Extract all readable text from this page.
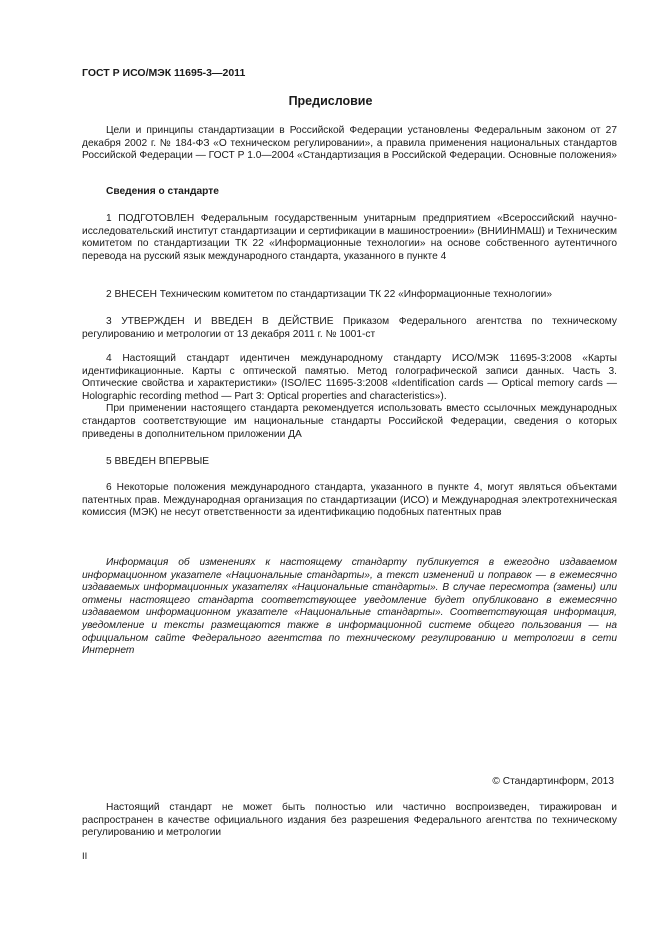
ГОСТ Р ИСО/МЭК 11695-3—2011
Предисловие

Цели и принципы стандартизации в Российской Федерации установлены Федеральным законом от 27 декабря 2002 г. № 184-ФЗ «О техническом регулировании», а правила применения национальных стандартов Российской Федерации — ГОСТ Р 1.0—2004 «Стандартизация в Российской Федерации. Основные положения»

Сведения о стандарте

1 ПОДГОТОВЛЕН Федеральным государственным унитарным предприятием «Всероссийский научно-исследовательский институт стандартизации и сертификации в машиностроении» (ВНИИНМАШ) и Техническим комитетом по стандартизации ТК 22 «Информационные технологии» на основе собственного аутентичного перевода на русский язык международного стандарта, указанного в пункте 4

2 ВНЕСЕН Техническим комитетом по стандартизации ТК 22 «Информационные технологии»

3 УТВЕРЖДЕН И ВВЕДЕН В ДЕЙСТВИЕ Приказом Федерального агентства по техническому регулированию и метрологии от 13 декабря 2011 г. № 1001-ст

4 Настоящий стандарт идентичен международному стандарту ИСО/МЭК 11695-3:2008 «Карты идентификационные. Карты с оптической памятью. Метод голографической записи данных. Часть 3. Оптические свойства и характеристики» (ISO/IEC 11695-3:2008 «Identification cards — Optical memory cards — Holographic recording method — Part 3: Optical properties and characteristics»).

При применении настоящего стандарта рекомендуется использовать вместо ссылочных международных стандартов соответствующие им национальные стандарты Российской Федерации, сведения о которых приведены в дополнительном приложении ДА

5 ВВЕДЕН ВПЕРВЫЕ

6 Некоторые положения международного стандарта, указанного в пункте 4, могут являться объектами патентных прав. Международная организация по стандартизации (ИСО) и Международная электротехническая комиссия (МЭК) не несут ответственности за идентификацию подобных патентных прав

Информация об изменениях к настоящему стандарту публикуется в ежегодно издаваемом информационном указателе «Национальные стандарты», а текст изменений и поправок — в ежемесячно издаваемых информационных указателях «Национальные стандарты». В случае пересмотра (замены) или отмены настоящего стандарта соответствующее уведомление будет опубликовано в ежемесячно издаваемом информационном указателе «Национальные стандарты». Соответствующая информация, уведомление и тексты размещаются также в информационной системе общего пользования — на официальном сайте Федерального агентства по техническому регулированию и метрологии в сети Интернет

© Стандартинформ, 2013

Настоящий стандарт не может быть полностью или частично воспроизведен, тиражирован и распространен в качестве официального издания без разрешения Федерального агентства по техническому регулированию и метрологии

II
